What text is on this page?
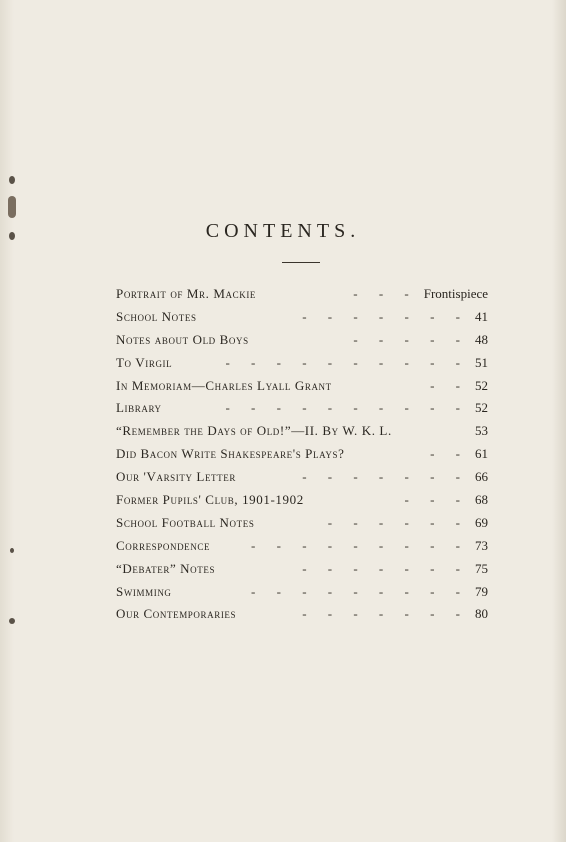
CONTENTS.
Portrait of Mr. Mackie	- - - Frontispiece
School Notes	- - - - - - - 41
Notes about Old Boys	- - - - - 48
To Virgil	- - - - - - - - - - 51
In Memoriam—Charles Lyall Grant	- - 52
Library	- - - - - - - - - - 52
“Remember the Days of Old!”—II. By W. K. L.	53
Did Bacon Write Shakespeare's Plays?	- - 61
Our 'Varsity Letter	- - - - - - - 66
Former Pupils' Club, 1901-1902	- - - 68
School Football Notes	- - - - - - 69
Correspondence	- - - - - - - - - 73
“Debater” Notes	- - - - - - - 75
Swimming	- - - - - - - - - 79
Our Contemporaries	- - - - - - - 80
